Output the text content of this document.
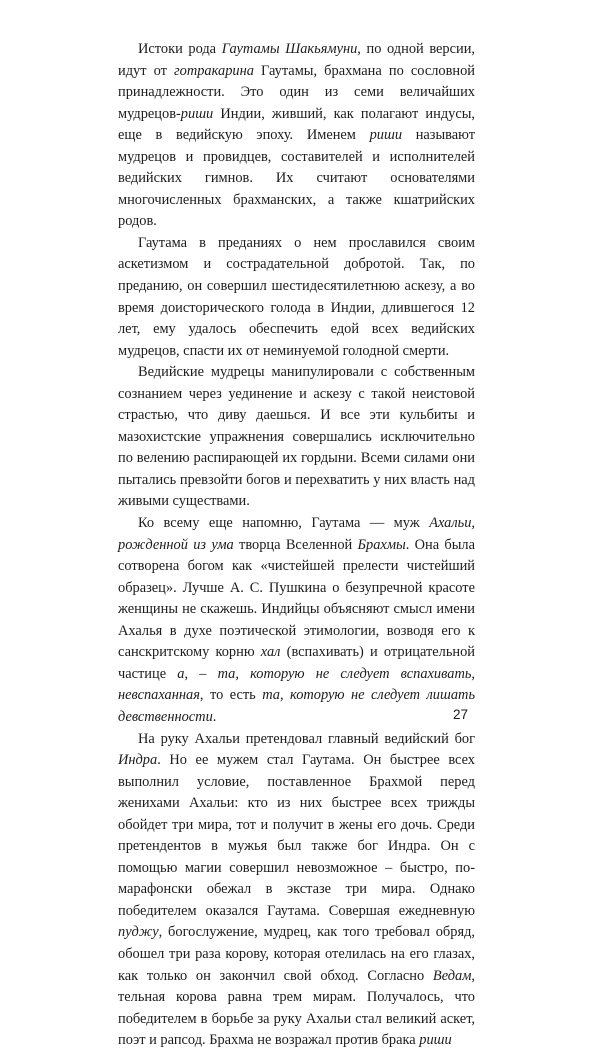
Истоки рода Гаутамы Шакьямуни, по одной версии, идут от готракарина Гаутамы, брахмана по сословной принадлежности. Это один из семи величайших мудрецов-риши Индии, живший, как полагают индусы, еще в ведийскую эпоху. Именем риши называют мудрецов и провидцев, составителей и исполнителей ведийских гимнов. Их считают основателями многочисленных брахманских, а также кшатрийских родов.

Гаутама в преданиях о нем прославился своим аскетизмом и сострадательной добротой. Так, по преданию, он совершил шестидесятилетнюю аскезу, а во время доисторического голода в Индии, длившегося 12 лет, ему удалось обеспечить едой всех ведийских мудрецов, спасти их от неминуемой голодной смерти.

Ведийские мудрецы манипулировали с собственным сознанием через уединение и аскезу с такой неистовой страстью, что диву даешься. И все эти кульбиты и мазохистские упражнения совершались исключительно по велению распирающей их гордыни. Всеми силами они пытались превзойти богов и перехватить у них власть над живыми существами.

Ко всему еще напомню, Гаутама — муж Ахальи, рожденной из ума творца Вселенной Брахмы. Она была сотворена богом как «чистейшей прелести чистейший образец». Лучше А. С. Пушкина о безупречной красоте женщины не скажешь. Индийцы объясняют смысл имени Ахалья в духе поэтической этимологии, возводя его к санскритскому корню хал (вспахивать) и отрицательной частице а, – та, которую не следует вспахивать, невспаханная, то есть та, которую не следует лишать девственности.

На руку Ахальи претендовал главный ведийский бог Индра. Но ее мужем стал Гаутама. Он быстрее всех выполнил условие, поставленное Брахмой перед женихами Ахальи: кто из них быстрее всех трижды обойдет три мира, тот и получит в жены его дочь. Среди претендентов в мужья был также бог Индра. Он с помощью магии совершил невозможное – быстро, по-марафонски обежал в экстазе три мира. Однако победителем оказался Гаутама. Совершая ежедневную пуджу, богослужение, мудрец, как того требовал обряд, обошел три раза корову, которая отелилась на его глазах, как только он закончил свой обход. Согласно Ведам, тельная корова равна трем мирам. Получалось, что победителем в борьбе за руку Ахальи стал великий аскет, поэт и рапсод. Брахма не возражал против брака риши

27
